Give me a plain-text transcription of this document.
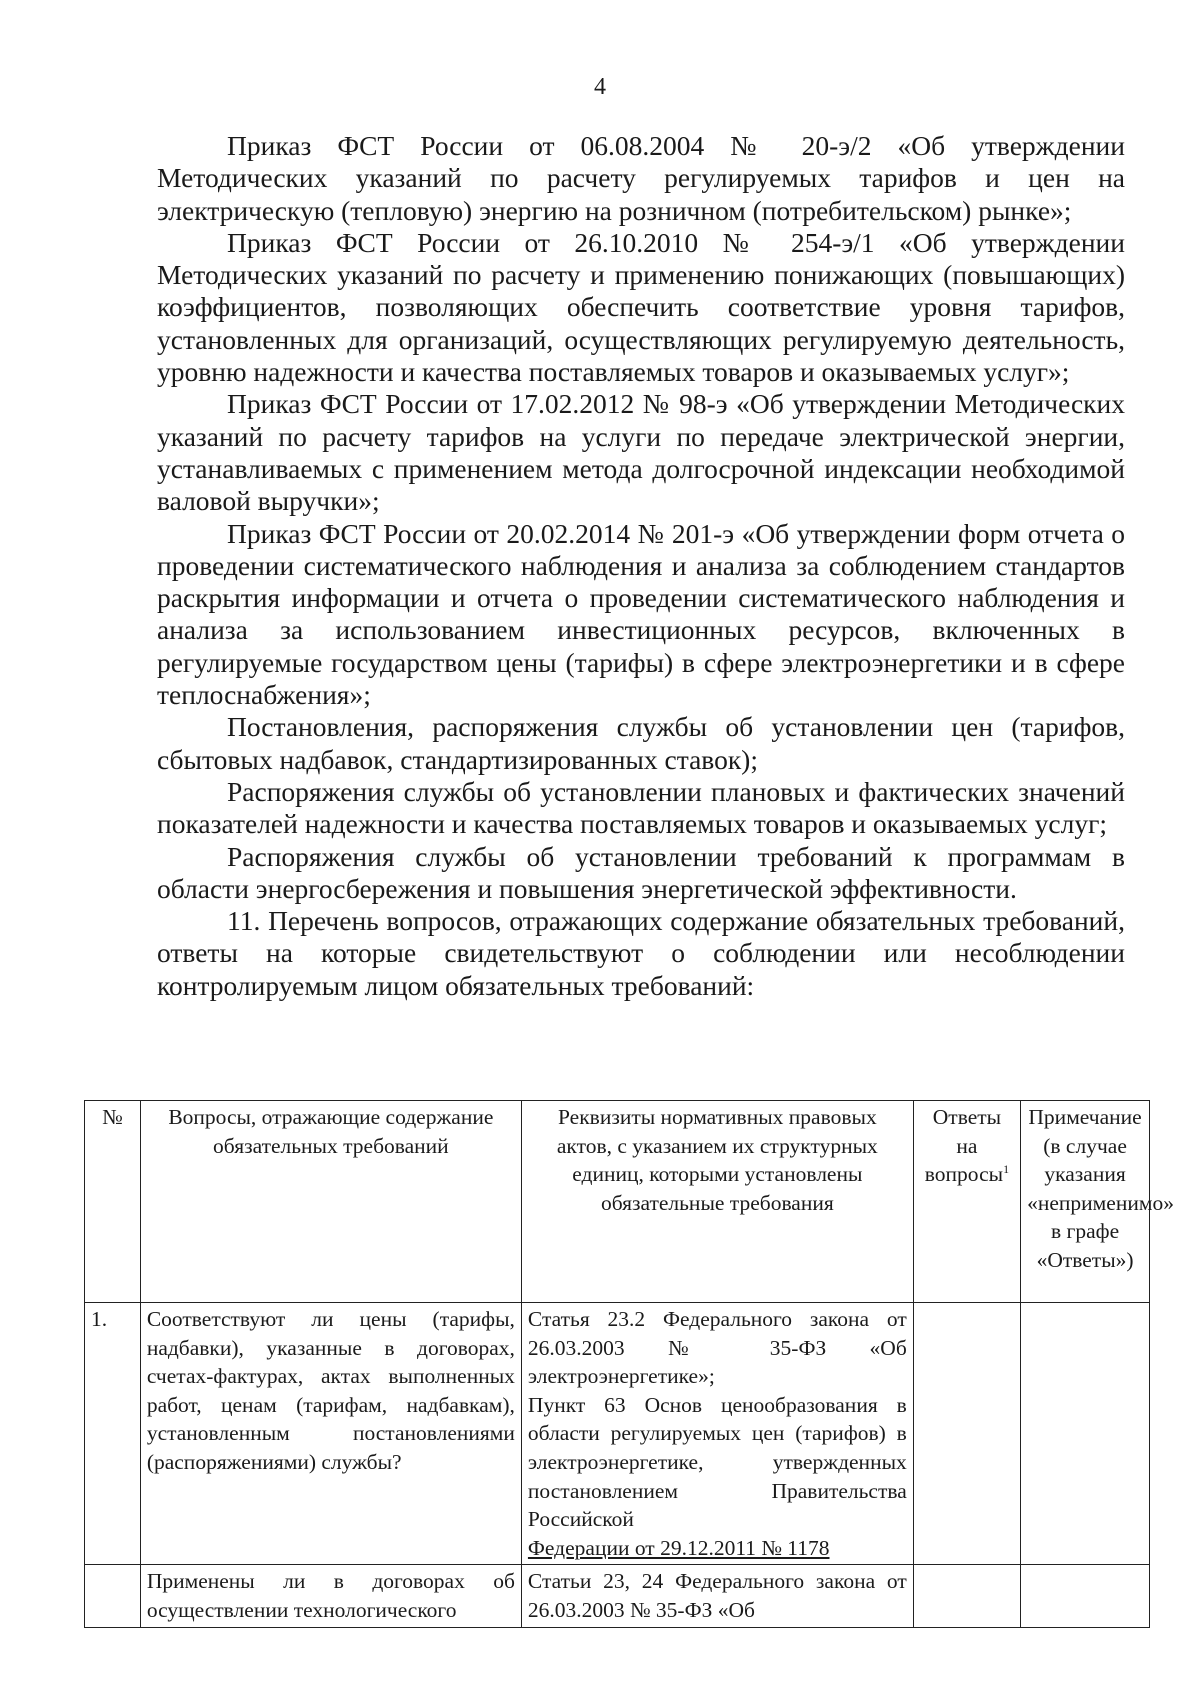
4

Приказ ФСТ России от 06.08.2004 № 20-э/2 «Об утверждении Методических указаний по расчету регулируемых тарифов и цен на электрическую (тепловую) энергию на розничном (потребительском) рынке»;

Приказ ФСТ России от 26.10.2010 № 254-э/1 «Об утверждении Методических указаний по расчету и применению понижающих (повышающих) коэффициентов, позволяющих обеспечить соответствие уровня тарифов, установленных для организаций, осуществляющих регулируемую деятельность, уровню надежности и качества поставляемых товаров и оказываемых услуг»;

Приказ ФСТ России от 17.02.2012 № 98-э «Об утверждении Методических указаний по расчету тарифов на услуги по передаче электрической энергии, устанавливаемых с применением метода долгосрочной индексации необходимой валовой выручки»;

Приказ ФСТ России от 20.02.2014 № 201-э «Об утверждении форм отчета о проведении систематического наблюдения и анализа за соблюдением стандартов раскрытия информации и отчета о проведении систематического наблюдения и анализа за использованием инвестиционных ресурсов, включенных в регулируемые государством цены (тарифы) в сфере электроэнергетики и в сфере теплоснабжения»;

Постановления, распоряжения службы об установлении цен (тарифов, сбытовых надбавок, стандартизированных ставок);

Распоряжения службы об установлении плановых и фактических значений показателей надежности и качества поставляемых товаров и оказываемых услуг;

Распоряжения службы об установлении требований к программам в области энергосбережения и повышения энергетической эффективности.

11. Перечень вопросов, отражающих содержание обязательных требований, ответы на которые свидетельствуют о соблюдении или несоблюдении контролируемым лицом обязательных требований:

№	Вопросы, отражающие содержание обязательных требований	Реквизиты нормативных правовых актов, с указанием их структурных единиц, которыми установлены обязательные требования	Ответы на вопросы$^1$	Примечание (в случае указания «неприменимо» в графе «Ответы»)
1.	Соответствуют ли цены (тарифы, надбавки), указанные в договорах, счетах-фактурах, актах выполненных работ, ценам (тарифам, надбавкам), установленным постановлениями (распоряжениями) службы?	Статья 23.2 Федерального закона от 26.03.2003 № 35-ФЗ «Об электроэнергетике»;
Пункт 63 Основ ценообразования в области регулируемых цен (тарифов) в электроэнергетике, утвержденных постановлением Правительства Российской
Федерации от 29.12.2011 № 1178		

	Применены ли в договорах об осуществлении технологического	Статьи 23, 24 Федерального закона от 26.03.2003 № 35-ФЗ «Об		
